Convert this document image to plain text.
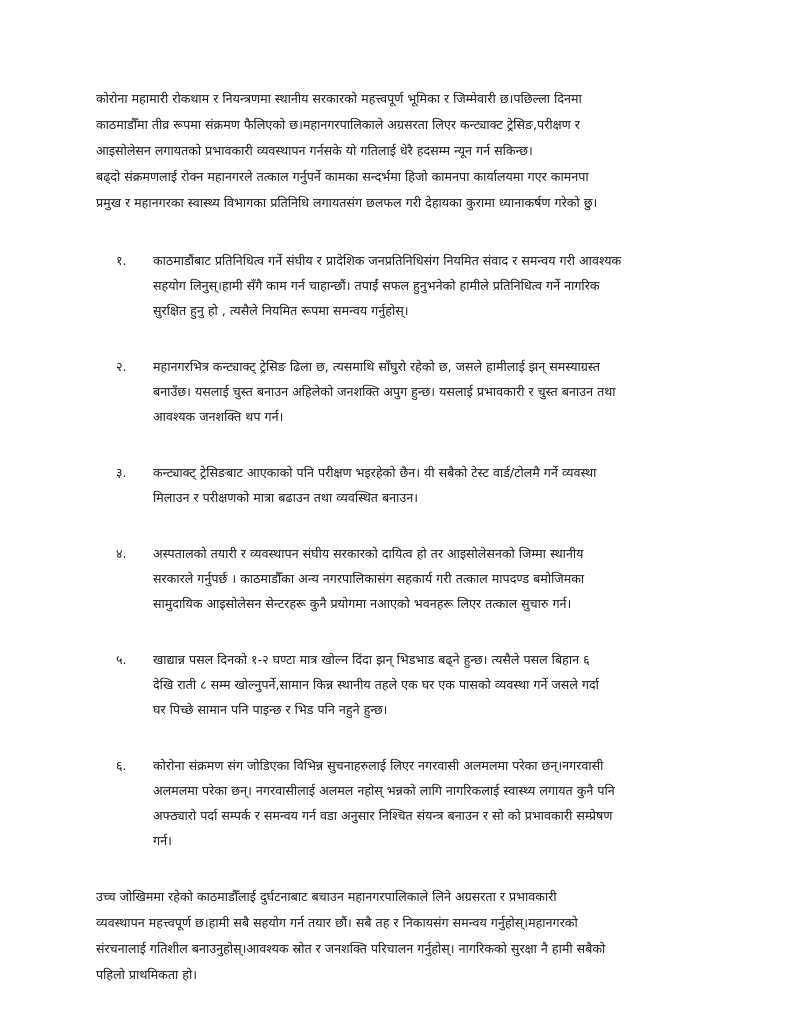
कोरोना महामारी रोकथाम र नियन्त्रणमा स्थानीय सरकारको महत्त्वपूर्ण भूमिका र जिम्मेवारी छ।पछिल्ला दिनमा
काठमाडौँमा तीव्र रूपमा संक्रमण फैलिएको छ।महानगरपालिकाले अग्रसरता लिएर कन्ट्याक्ट ट्रेसिङ,परीक्षण र
आइसोलेसन लगायतको प्रभावकारी व्यवस्थापन गर्नसके यो गतिलाई धेरै हदसम्म न्यून गर्न सकिन्छ।
बढ्दो संक्रमणलाई रोक्न महानगरले तत्काल गर्नुपर्ने कामका सन्दर्भमा हिजो कामनपा कार्यालयमा गएर कामनपा
प्रमुख र महानगरका स्वास्थ्य विभागका प्रतिनिधि लगायतसंग छलफल गरी देहायका कुरामा ध्यानाकर्षण गरेको छु।

१.	काठमाडौंबाट प्रतिनिधित्व गर्ने संघीय र प्रादेशिक जनप्रतिनिधिसंग नियमित संवाद र समन्वय गरी आवश्यक
सहयोग लिनुस्।हामी सँगै काम गर्न चाहान्छौं। तपाईं सफल हुनुभनेको हामीले प्रतिनिधित्व गर्ने नागरिक
सुरक्षित हुनु हो , त्यसैले नियमित रूपमा समन्वय गर्नुहोस्।
२.	महानगरभित्र कन्ट्याक्ट् ट्रेसिङ ढिला छ, त्यसमाथि साँघुरो रहेको छ, जसले हामीलाई झन् समस्याग्रस्त
बनाउँछ। यसलाई चुस्त बनाउन अहिलेको जनशक्ति अपुग हुन्छ। यसलाई प्रभावकारी र चुस्त बनाउन तथा
आवश्यक जनशक्ति थप गर्न।
३.	कन्ट्याक्ट् ट्रेसिङबाट आएकाको पनि परीक्षण भइरहेको छैन। यी सबैको टेस्ट वार्ड/टोलमै गर्ने व्यवस्था
मिलाउन र परीक्षणको मात्रा बढाउन तथा व्यवस्थित बनाउन।
४.	अस्पतालको तयारी र व्यवस्थापन संघीय सरकारको दायित्व हो तर आइसोलेसनको जिम्मा स्थानीय
सरकारले गर्नुपर्छ । काठमाडौँका अन्य नगरपालिकासंग सहकार्य गरी तत्काल मापदण्ड बमोजिमका
सामुदायिक आइसोलेसन सेन्टरहरू कुनै प्रयोगमा नआएको भवनहरू लिएर तत्काल सुचारु गर्न।
५.	खाद्यान्न पसल दिनको १-२ घण्टा मात्र खोल्न दिंदा झन् भिडभाड बढ्ने हुन्छ। त्यसैले पसल बिहान ६
देखि राती ८ सम्म खोल्नुपर्ने,सामान किन्न स्थानीय तहले एक घर एक पासको व्यवस्था गर्ने जसले गर्दा
घर पिच्छे सामान पनि पाइन्छ र भिड पनि नहुने हुन्छ।
६.	कोरोना संक्रमण संग जोडिएका विभिन्न सुचनाहरुलाई लिएर नगरवासी अलमलमा परेका छन्।नगरवासी
अलमलमा परेका छन्। नगरवासीलाई अलमल नहोस् भन्नको लागि नागरिकलाई स्वास्थ्य लगायत कुनै पनि
अफ्ठ्यारो पर्दा सम्पर्क र समन्वय गर्न वडा अनुसार निश्चित संयन्त्र बनाउन र सो को प्रभावकारी सम्प्रेषण
गर्न।

उच्च जोखिममा रहेको काठमाडौँलाई दुर्घटनाबाट बचाउन महानगरपालिकाले लिने अग्रसरता र प्रभावकारी
व्यवस्थापन महत्त्वपूर्ण छ।हामी सबै सहयोग गर्न तयार छौं। सबै तह र निकायसंग समन्वय गर्नुहोस्।महानगरको
संरचनालाई गतिशील बनाउनुहोस्।आवश्यक स्रोत र जनशक्ति परिचालन गर्नुहोस्। नागरिकको सुरक्षा नै हामी सबैको
पहिलो प्राथमिकता हो।
